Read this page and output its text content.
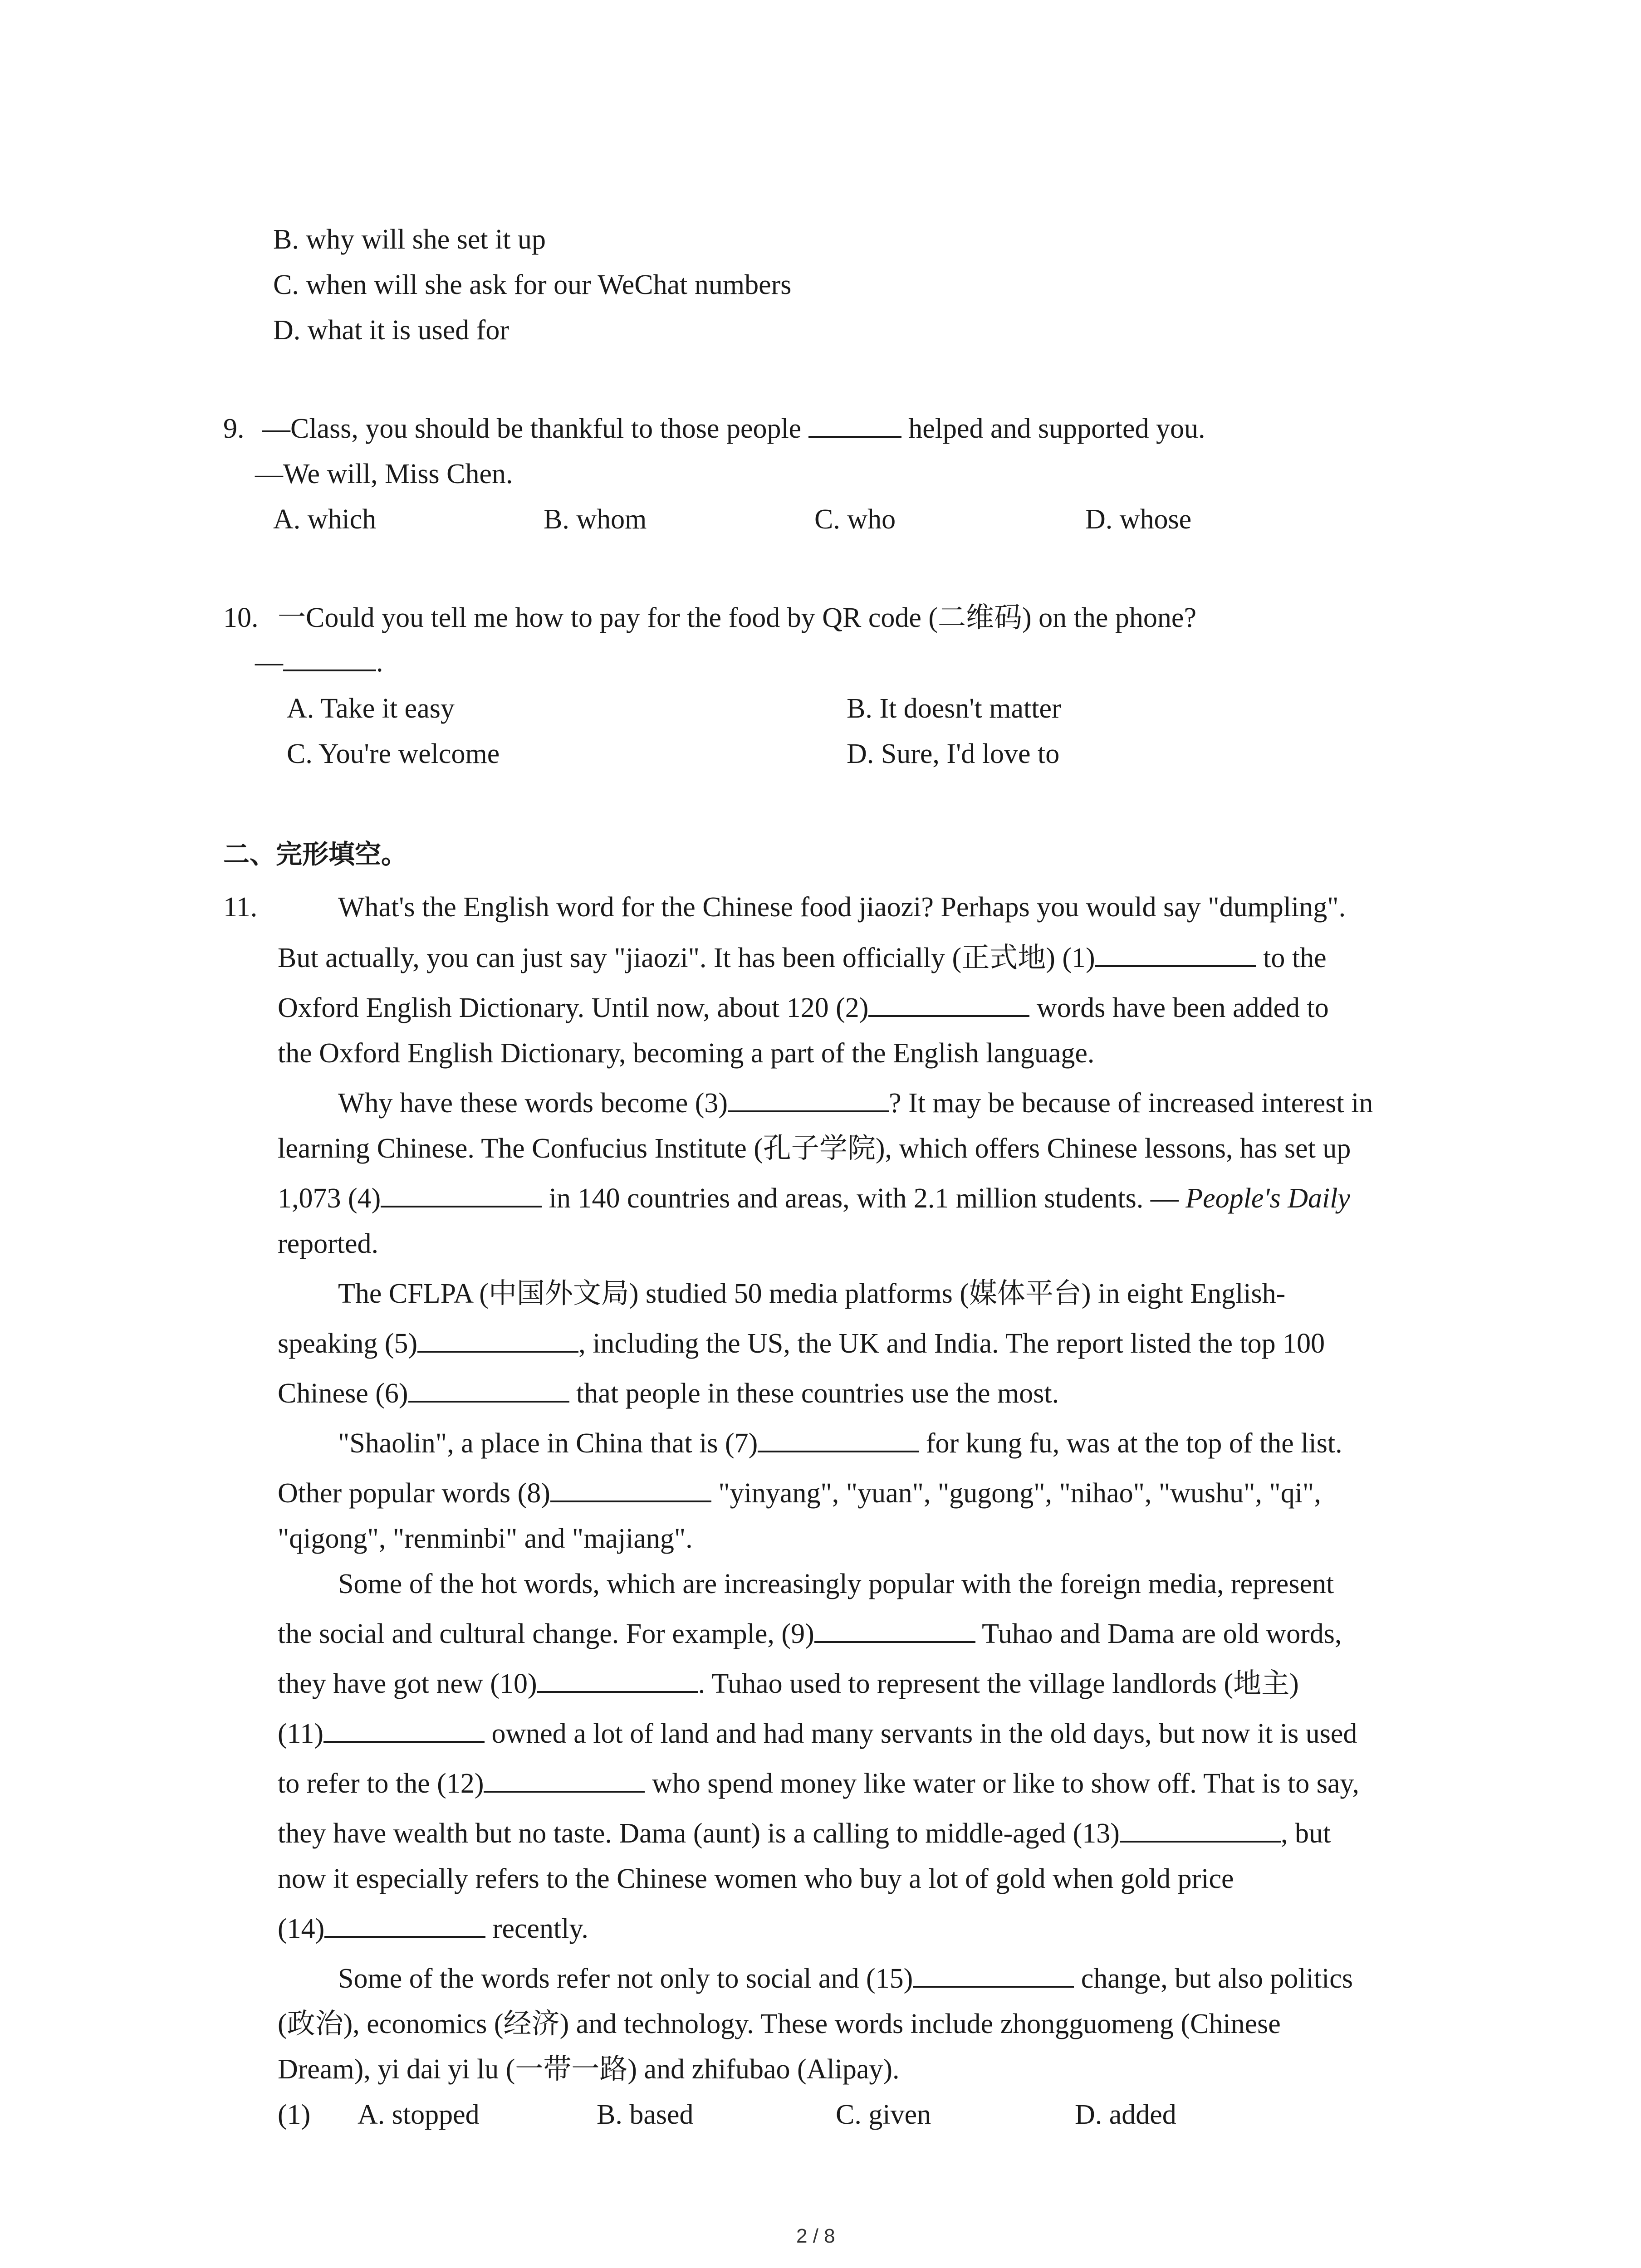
B. why will she set it up
C. when will she ask for our WeChat numbers
D. what it is used for
9. —Class, you should be thankful to those people	helped and supported you.
—We will, Miss Chen.
A. which	B. whom	C. who	D. whose
10. 一Could you tell me how to pay for the food by QR code (二维码) on the phone?
—	.
A. Take it easy	B. It doesn't matter
C. You're welcome	D. Sure, I'd love to
二、完形填空。
11.	What's the English word for the Chinese food jiaozi? Perhaps you would say "dumpling".
But actually, you can just say "jiaozi". It has been officially (正式地) (1)	to the
Oxford English Dictionary. Until now, about 120 (2)	words have been added to
the Oxford English Dictionary, becoming a part of the English language.
Why have these words become (3)	? It may be because of increased interest in
learning Chinese. The Confucius Institute (孔子学院), which offers Chinese lessons, has set up
1,073 (4)	in 140 countries and areas, with 2.1 million students. — People's Daily
reported.
The CFLPA (中国外文局) studied 50 media platforms (媒体平台) in eight English-
speaking (5)	, including the US, the UK and India. The report listed the top 100
Chinese (6)	that people in these countries use the most.
"Shaolin", a place in China that is (7)	for kung fu, was at the top of the list.
Other popular words (8)	"yinyang", "yuan", "gugong", "nihao", "wushu", "qi",
"qigong", "renminbi" and "majiang".
Some of the hot words, which are increasingly popular with the foreign media, represent
the social and cultural change. For example, (9)	Tuhao and Dama are old words,
they have got new (10)	. Tuhao used to represent the village landlords (地主)
(11)	owned a lot of land and had many servants in the old days, but now it is used
to refer to the (12)	who spend money like water or like to show off. That is to say,
they have wealth but no taste. Dama (aunt) is a calling to middle-aged (13)	, but
now it especially refers to the Chinese women who buy a lot of gold when gold price
(14)	recently.
Some of the words refer not only to social and (15)	change, but also politics
(政治), economics (经济) and technology. These words include zhongguomeng (Chinese
Dream), yi dai yi lu (一带一路) and zhifubao (Alipay).
(1) A. stopped	B. based	C. given	D. added
2 / 8
